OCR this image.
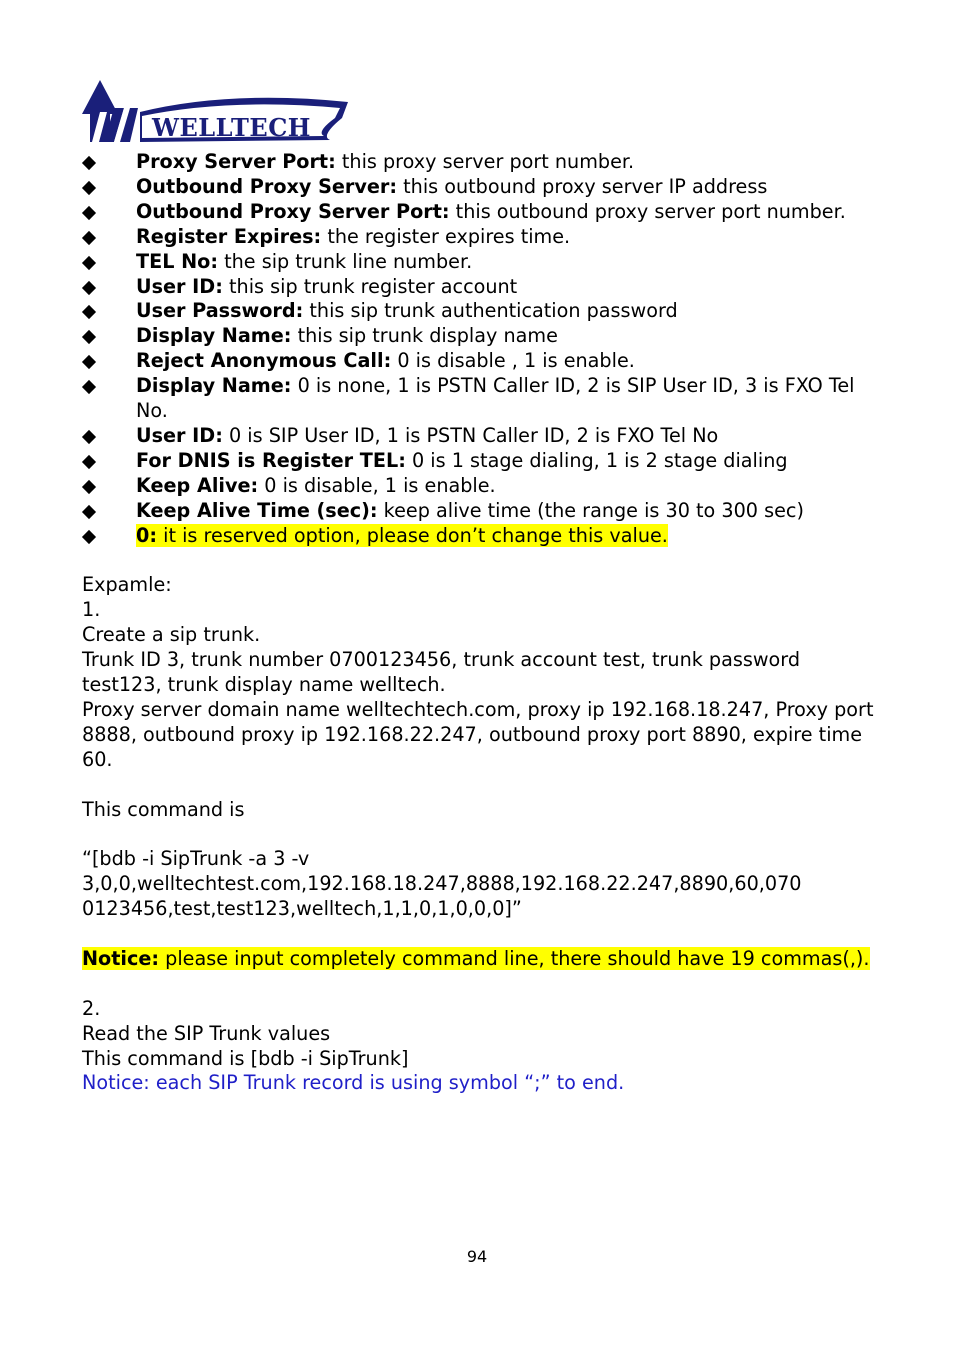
WELLTECH
Proxy Server Port: this proxy server port number.
Outbound Proxy Server: this outbound proxy server IP address
Outbound Proxy Server Port: this outbound proxy server port number.
Register Expires: the register expires time.
TEL No: the sip trunk line number.
User ID: this sip trunk register account
User Password: this sip trunk authentication password
Display Name: this sip trunk display name
Reject Anonymous Call: 0 is disable , 1 is enable.
Display Name: 0 is none, 1 is PSTN Caller ID, 2 is SIP User ID, 3 is FXO Tel No.
User ID: 0 is SIP User ID, 1 is PSTN Caller ID, 2 is FXO Tel No
For DNIS is Register TEL: 0 is 1 stage dialing, 1 is 2 stage dialing
Keep Alive: 0 is disable, 1 is enable.
Keep Alive Time (sec): keep alive time (the range is 30 to 300 sec)
0: it is reserved option, please don’t change this value.
Expamle:
1.
Create a sip trunk.
Trunk ID 3, trunk number 0700123456, trunk account test, trunk password test123, trunk display name welltech.
Proxy server domain name welltechtech.com, proxy ip 192.168.18.247, Proxy port 8888, outbound proxy ip 192.168.22.247, outbound proxy port 8890, expire time 60.
This command is
“[bdb -i SipTrunk -a 3 -v
3,0,0,welltechtest.com,192.168.18.247,8888,192.168.22.247,8890,60,070
0123456,test,test123,welltech,1,1,0,1,0,0,0]”
Notice: please input completely command line, there should have 19 commas(,).
2.
Read the SIP Trunk values
This command is [bdb -i SipTrunk]
Notice: each SIP Trunk record is using symbol “;” to end.
94
